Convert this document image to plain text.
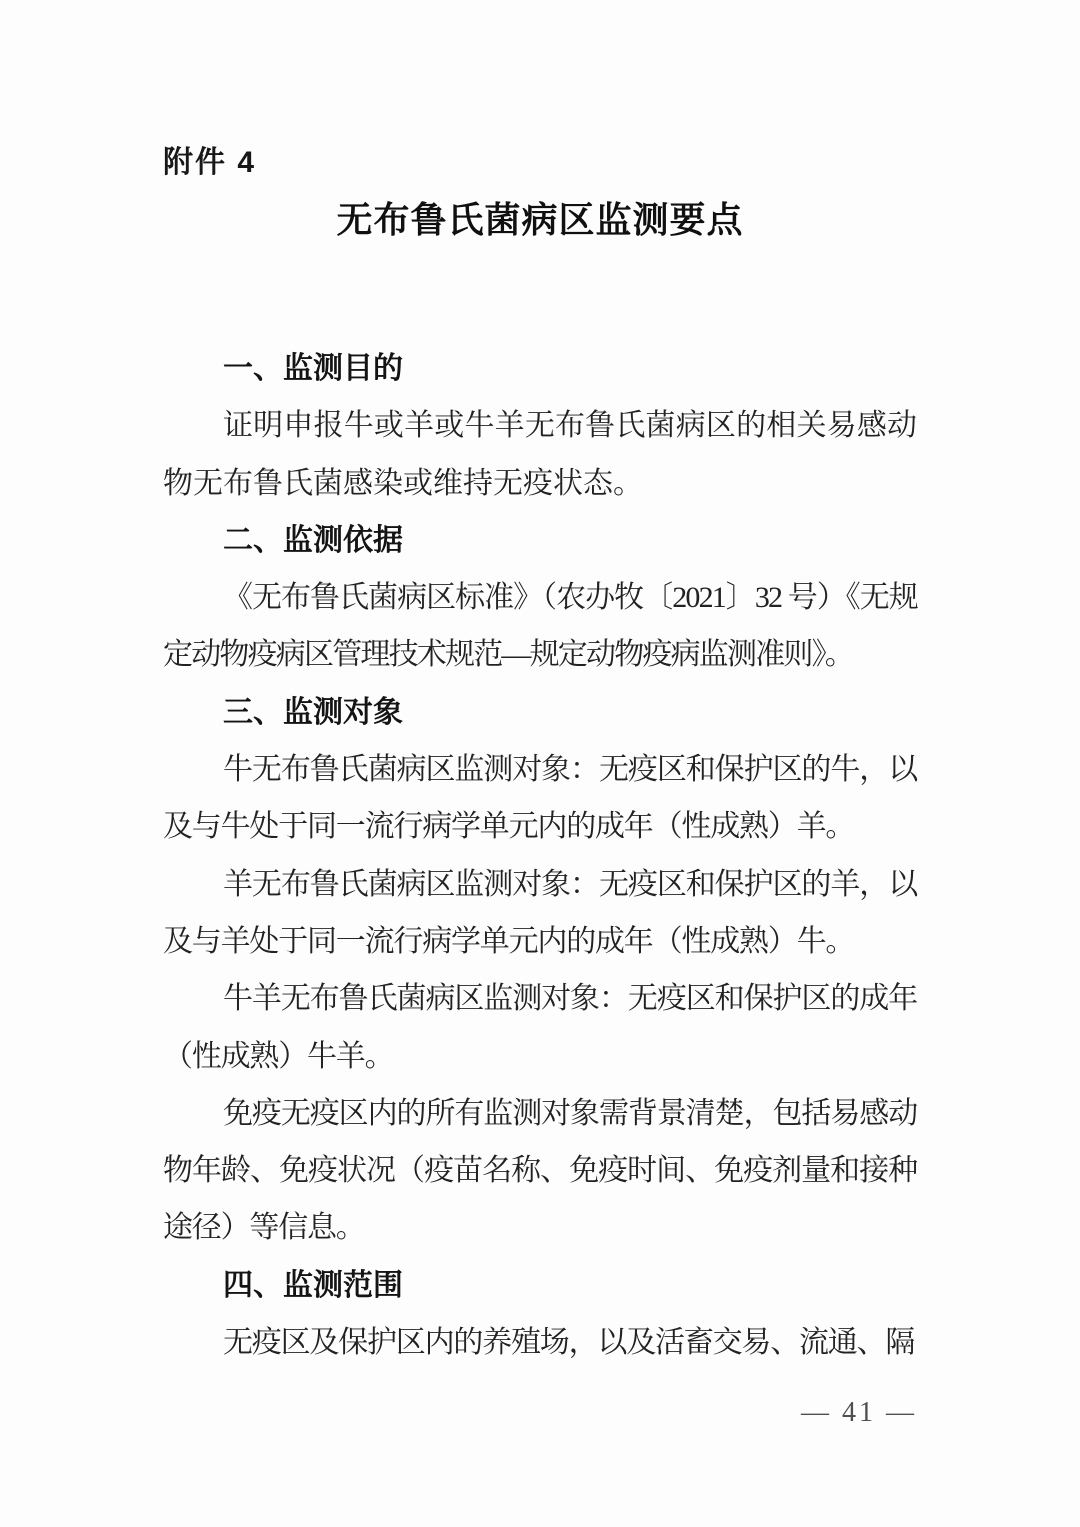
附件 4
无布鲁氏菌病区监测要点
一、监测目的

证明申报牛或羊或牛羊无布鲁氏菌病区的相关易感动物无布鲁氏菌感染或维持无疫状态。

二、监测依据

《无布鲁氏菌病区标准》（农办牧〔2021〕32 号）《无规定动物疫病区管理技术规范—规定动物疫病监测准则》。

三、监测对象

牛无布鲁氏菌病区监测对象：无疫区和保护区的牛，以及与牛处于同一流行病学单元内的成年（性成熟）羊。

羊无布鲁氏菌病区监测对象：无疫区和保护区的羊，以及与羊处于同一流行病学单元内的成年（性成熟）牛。

牛羊无布鲁氏菌病区监测对象：无疫区和保护区的成年（性成熟）牛羊。

免疫无疫区内的所有监测对象需背景清楚，包括易感动物年龄、免疫状况（疫苗名称、免疫时间、免疫剂量和接种途径）等信息。

四、监测范围

无疫区及保护区内的养殖场，以及活畜交易、流通、隔

— 41 —
